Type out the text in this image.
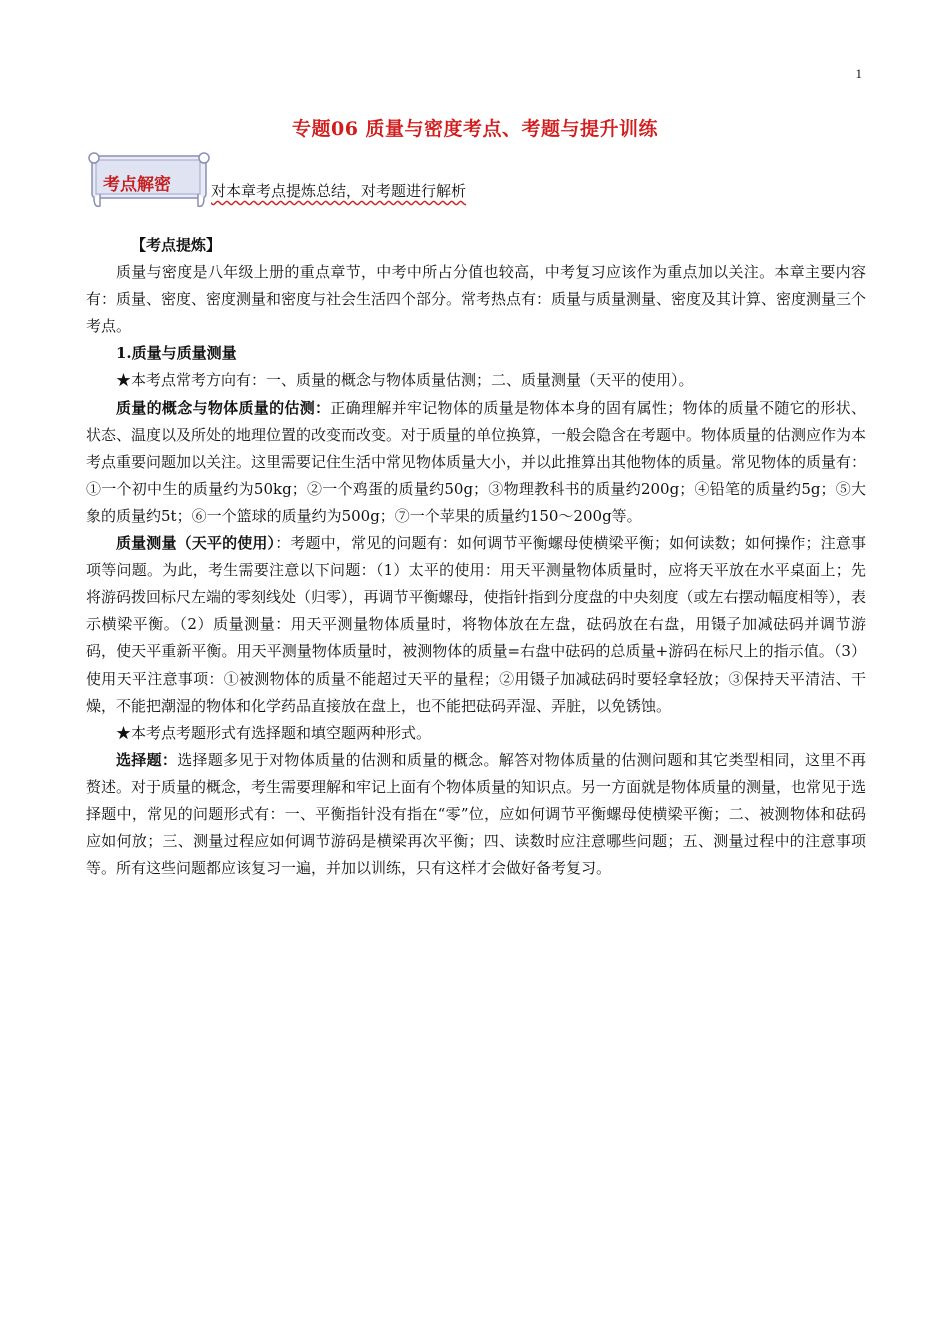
1
专题06 质量与密度考点、考题与提升训练
考点解密	对本章考点提炼总结，对考题进行解析

【考点提炼】

质量与密度是八年级上册的重点章节，中考中所占分值也较高，中考复习应该作为重点加以关注。本章主要内容有：质量、密度、密度测量和密度与社会生活四个部分。常考热点有：质量与质量测量、密度及其计算、密度测量三个考点。

1.质量与质量测量

★本考点常考方向有：一、质量的概念与物体质量估测；二、质量测量（天平的使用）。

质量的概念与物体质量的估测：正确理解并牢记物体的质量是物体本身的固有属性；物体的质量不随它的形状、状态、温度以及所处的地理位置的改变而改变。对于质量的单位换算，一般会隐含在考题中。物体质量的估测应作为本考点重要问题加以关注。这里需要记住生活中常见物体质量大小，并以此推算出其他物体的质量。常见物体的质量有：①一个初中生的质量约为50kg；②一个鸡蛋的质量约50g；③物理教科书的质量约200g；④铅笔的质量约5g；⑤大象的质量约5t；⑥一个篮球的质量约为500g；⑦一个苹果的质量约150～200g等。

质量测量（天平的使用）：考题中，常见的问题有：如何调节平衡螺母使横梁平衡；如何读数；如何操作；注意事项等问题。为此，考生需要注意以下问题：（1）太平的使用：用天平测量物体质量时，应将天平放在水平桌面上；先将游码拨回标尺左端的零刻线处（归零），再调节平衡螺母，使指针指到分度盘的中央刻度（或左右摆动幅度相等），表示横梁平衡。（2）质量测量：用天平测量物体质量时，将物体放在左盘，砝码放在右盘，用镊子加减砝码并调节游码，使天平重新平衡。用天平测量物体质量时，被测物体的质量=右盘中砝码的总质量+游码在标尺上的指示值。（3）使用天平注意事项：①被测物体的质量不能超过天平的量程；②用镊子加减砝码时要轻拿轻放；③保持天平清洁、干燥，不能把潮湿的物体和化学药品直接放在盘上，也不能把砝码弄湿、弄脏，以免锈蚀。

★本考点考题形式有选择题和填空题两种形式。

选择题：选择题多见于对物体质量的估测和质量的概念。解答对物体质量的估测问题和其它类型相同，这里不再赘述。对于质量的概念，考生需要理解和牢记上面有个物体质量的知识点。另一方面就是物体质量的测量，也常见于选择题中，常见的问题形式有：一、平衡指针没有指在“零”位，应如何调节平衡螺母使横梁平衡；二、被测物体和砝码应如何放；三、测量过程应如何调节游码是横梁再次平衡；四、读数时应注意哪些问题；五、测量过程中的注意事项等。所有这些问题都应该复习一遍，并加以训练，只有这样才会做好备考复习。
